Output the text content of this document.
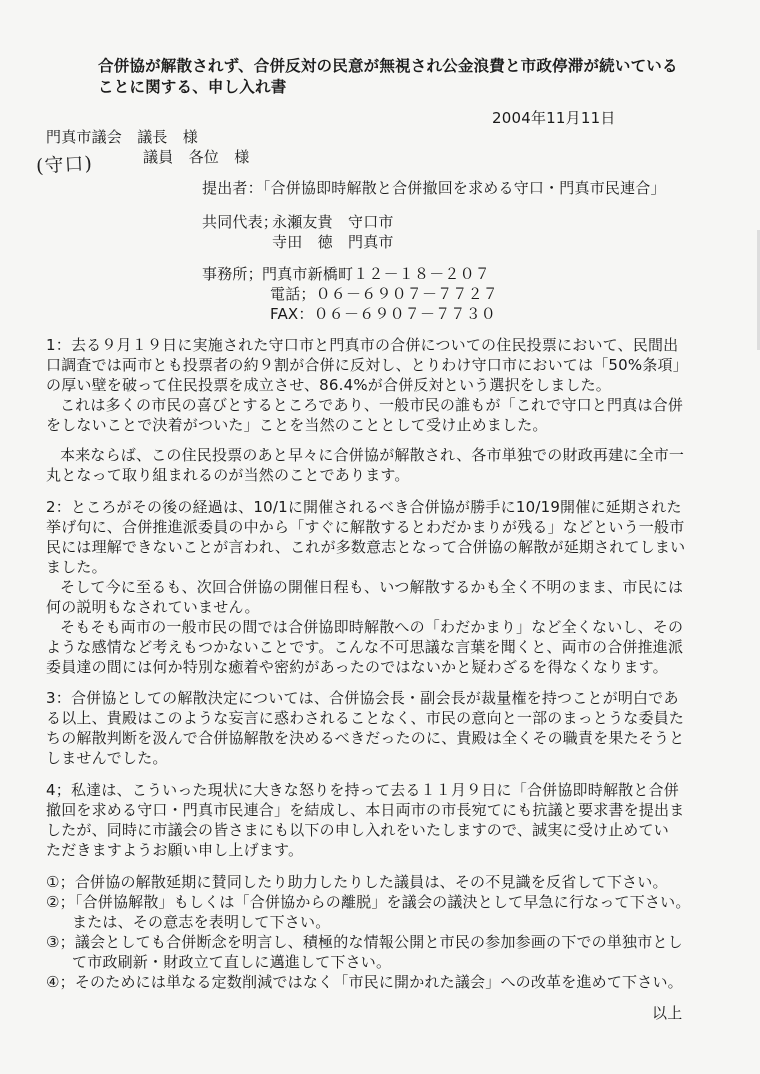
合併協が解散されず、合併反対の民意が無視され公金浪費と市政停滞が続いている
ことに関する、申し入れ書
2004年11月11日
門真市議会　議長　様
議員　各位　様
(守口)
提出者：「合併協即時解散と合併撤回を求める守口・門真市民連合」
共同代表；
永瀬友貴　守口市
寺田　徳　門真市
事務所； 門真市新橋町１２－１８－２０７
電話；０６－６９０７－７７２７
FAX：０６－６９０７－７７３０
1：去る９月１９日に実施された守口市と門真市の合併についての住民投票において、民間出
口調査では両市とも投票者の約９割が合併に反対し、とりわけ守口市においては「50%条項」
の厚い壁を破って住民投票を成立させ、86.4%が合併反対という選択をしました。
これは多くの市民の喜びとするところであり、一般市民の誰もが「これで守口と門真は合併
をしないことで決着がついた」ことを当然のこととして受け止めました。
本来ならば、この住民投票のあと早々に合併協が解散され、各市単独での財政再建に全市一
丸となって取り組まれるのが当然のことであります。
2：ところがその後の経過は、10/1に開催されるべき合併協が勝手に10/19開催に延期された
挙げ句に、合併推進派委員の中から「すぐに解散するとわだかまりが残る」などという一般市
民には理解できないことが言われ、これが多数意志となって合併協の解散が延期されてしまい
ました。
そして今に至るも、次回合併協の開催日程も、いつ解散するかも全く不明のまま、市民には
何の説明もなされていません。
そもそも両市の一般市民の間では合併協即時解散への「わだかまり」など全くないし、その
ような感情など考えもつかないことです。こんな不可思議な言葉を聞くと、両市の合併推進派
委員達の間には何か特別な癒着や密約があったのではないかと疑わざるを得なくなります。
3：合併協としての解散決定については、合併協会長・副会長が裁量権を持つことが明白であ
る以上、貴殿はこのような妄言に惑わされることなく、市民の意向と一部のまっとうな委員た
ちの解散判断を汲んで合併協解散を決めるべきだったのに、貴殿は全くその職責を果たそうと
しませんでした。
4；私達は、こういった現状に大きな怒りを持って去る１１月９日に「合併協即時解散と合併
撤回を求める守口・門真市民連合」を結成し、本日両市の市長宛てにも抗議と要求書を提出ま
したが、同時に市議会の皆さまにも以下の申し入れをいたしますので、誠実に受け止めてい
ただきますようお願い申し上げます。
①；合併協の解散延期に賛同したり助力したりした議員は、その不見識を反省して下さい。
②；「合併協解散」もしくは「合併協からの離脱」を議会の議決として早急に行なって下さい。
または、その意志を表明して下さい。
③；議会としても合併断念を明言し、積極的な情報公開と市民の参加参画の下での単独市とし
て市政刷新・財政立て直しに邁進して下さい。
④；そのためには単なる定数削減ではなく「市民に開かれた議会」への改革を進めて下さい。
以上
